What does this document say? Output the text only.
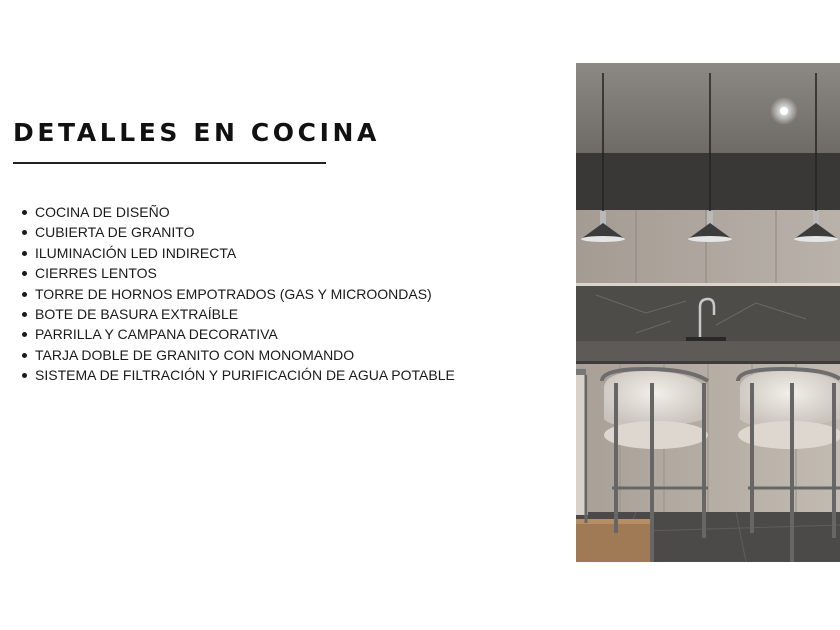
DETALLES EN COCINA
COCINA DE DISEÑO
CUBIERTA DE GRANITO
ILUMINACIÓN LED INDIRECTA
CIERRES LENTOS
TORRE DE HORNOS EMPOTRADOS (GAS Y MICROONDAS)
BOTE DE BASURA EXTRAÍBLE
PARRILLA Y CAMPANA DECORATIVA
TARJA DOBLE DE GRANITO CON MONOMANDO
SISTEMA DE FILTRACIÓN Y PURIFICACIÓN DE AGUA POTABLE
